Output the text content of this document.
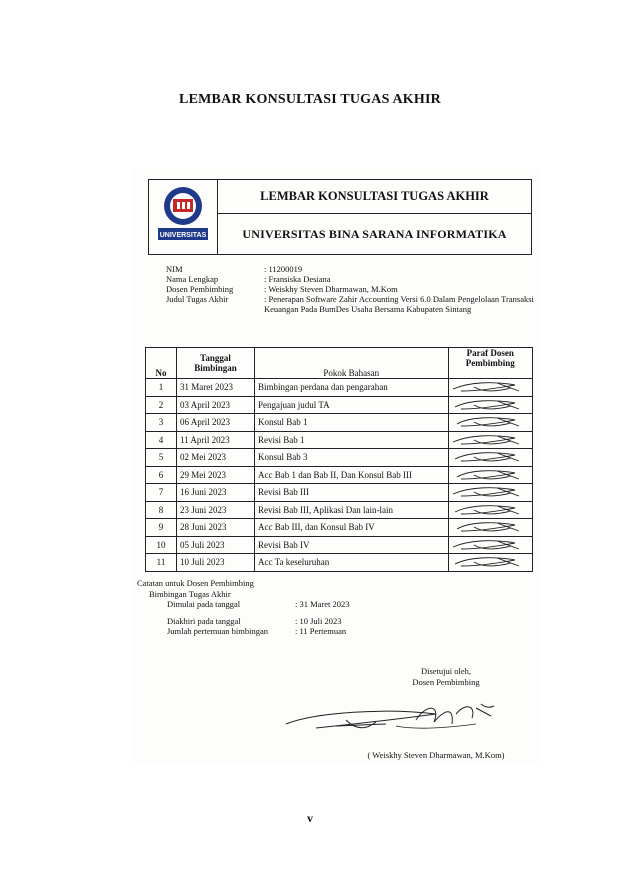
LEMBAR KONSULTASI TUGAS AKHIR
UNIVERSITAS
LEMBAR KONSULTASI TUGAS AKHIR
UNIVERSITAS BINA SARANA INFORMATIKA
NIM	: 11200019
Nama Lengkap	: Fransiska Desiana
Dosen Pembimbing	: Weiskhy Steven Dharmawan, M.Kom
Judul Tugas Akhir	: Penerapan Software Zahir Accounting Versi 6.0 Dalam Pengelolaan Transaksi Keuangan Pada BumDes Usaha Bersama Kabupaten Sintang
No	Tanggal Bimbingan	Pokok Bahasan	Paraf Dosen Pembimbing
1	31 Maret 2023	Bimbingan perdana dan pengarahan	

2	03 April 2023	Pengajuan judul TA	

3	06 April 2023	Konsul Bab 1	

4	11 April 2023	Revisi Bab 1	

5	02 Mei 2023	Konsul Bab 3	

6	29 Mei 2023	Acc Bab 1 dan Bab II, Dan Konsul Bab III	

7	16 Juni 2023	Revisi Bab III	

8	23 Juni 2023	Revisi Bab III, Aplikasi Dan lain-lain	

9	28 Juni 2023	Acc Bab III, dan Konsul Bab IV	

10	05 Juli 2023	Revisi Bab IV	

11	10 Juli 2023	Acc Ta keseluruhan	
Catatan untuk Dosen Pembimbing
Bimbingan Tugas Akhir
Dimulai pada tanggal	: 31 Maret 2023
Diakhiri pada tanggal	: 10 Juli 2023
Jumlah pertemuan bimbingan	: 11 Pertemuan
Disetujui oleh,
Dosen Pembimbing
( Weiskhy Steven Dharmawan, M.Kom)
v
